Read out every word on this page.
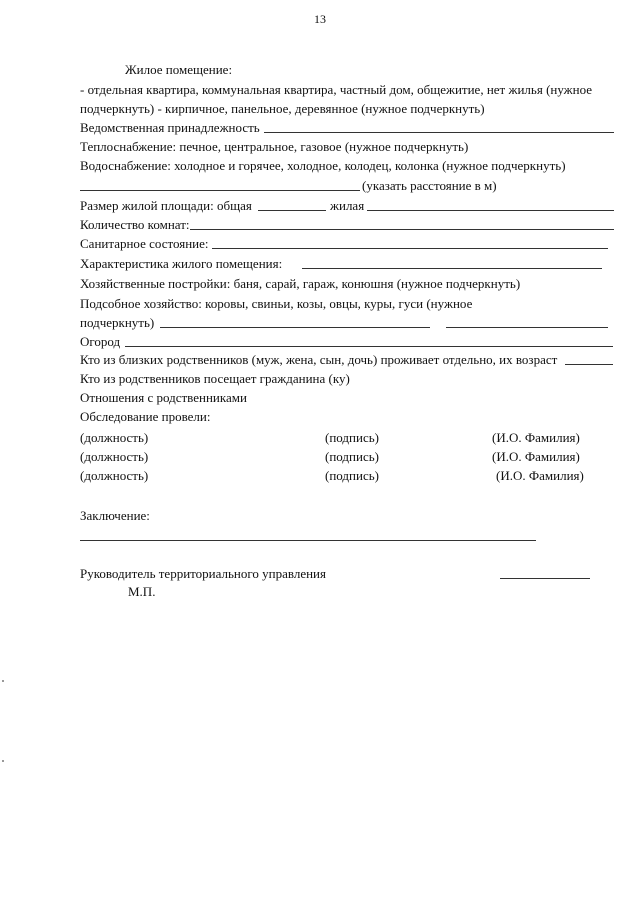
13
Жилое помещение:
- отдельная квартира, коммунальная квартира, частный дом, общежитие, нет жилья (нужное
подчеркнуть) - кирпичное, панельное, деревянное (нужное подчеркнуть)
Ведомственная принадлежность
Теплоснабжение: печное, центральное, газовое (нужное подчеркнуть)
Водоснабжение: холодное и горячее, холодное, колодец, колонка (нужное подчеркнуть)
(указать расстояние в м)
Размер жилой площади: общая	жилая
Количество комнат:
Санитарное состояние:
Характеристика жилого помещения:
Хозяйственные постройки: баня, сарай, гараж, конюшня (нужное подчеркнуть)
Подсобное хозяйство: коровы, свиньи, козы, овцы, куры, гуси (нужное
подчеркнуть)
Огород
Кто из близких родственников (муж, жена, сын, дочь) проживает отдельно, их возраст
Кто из родственников посещает гражданина (ку)
Отношения с родственниками
Обследование провели:
(должность)	(подпись)	(И.О. Фамилия)
(должность)	(подпись)	(И.О. Фамилия)
(должность)	(подпись)	(И.О. Фамилия)
Заключение:
Руководитель территориального управления
М.П.
